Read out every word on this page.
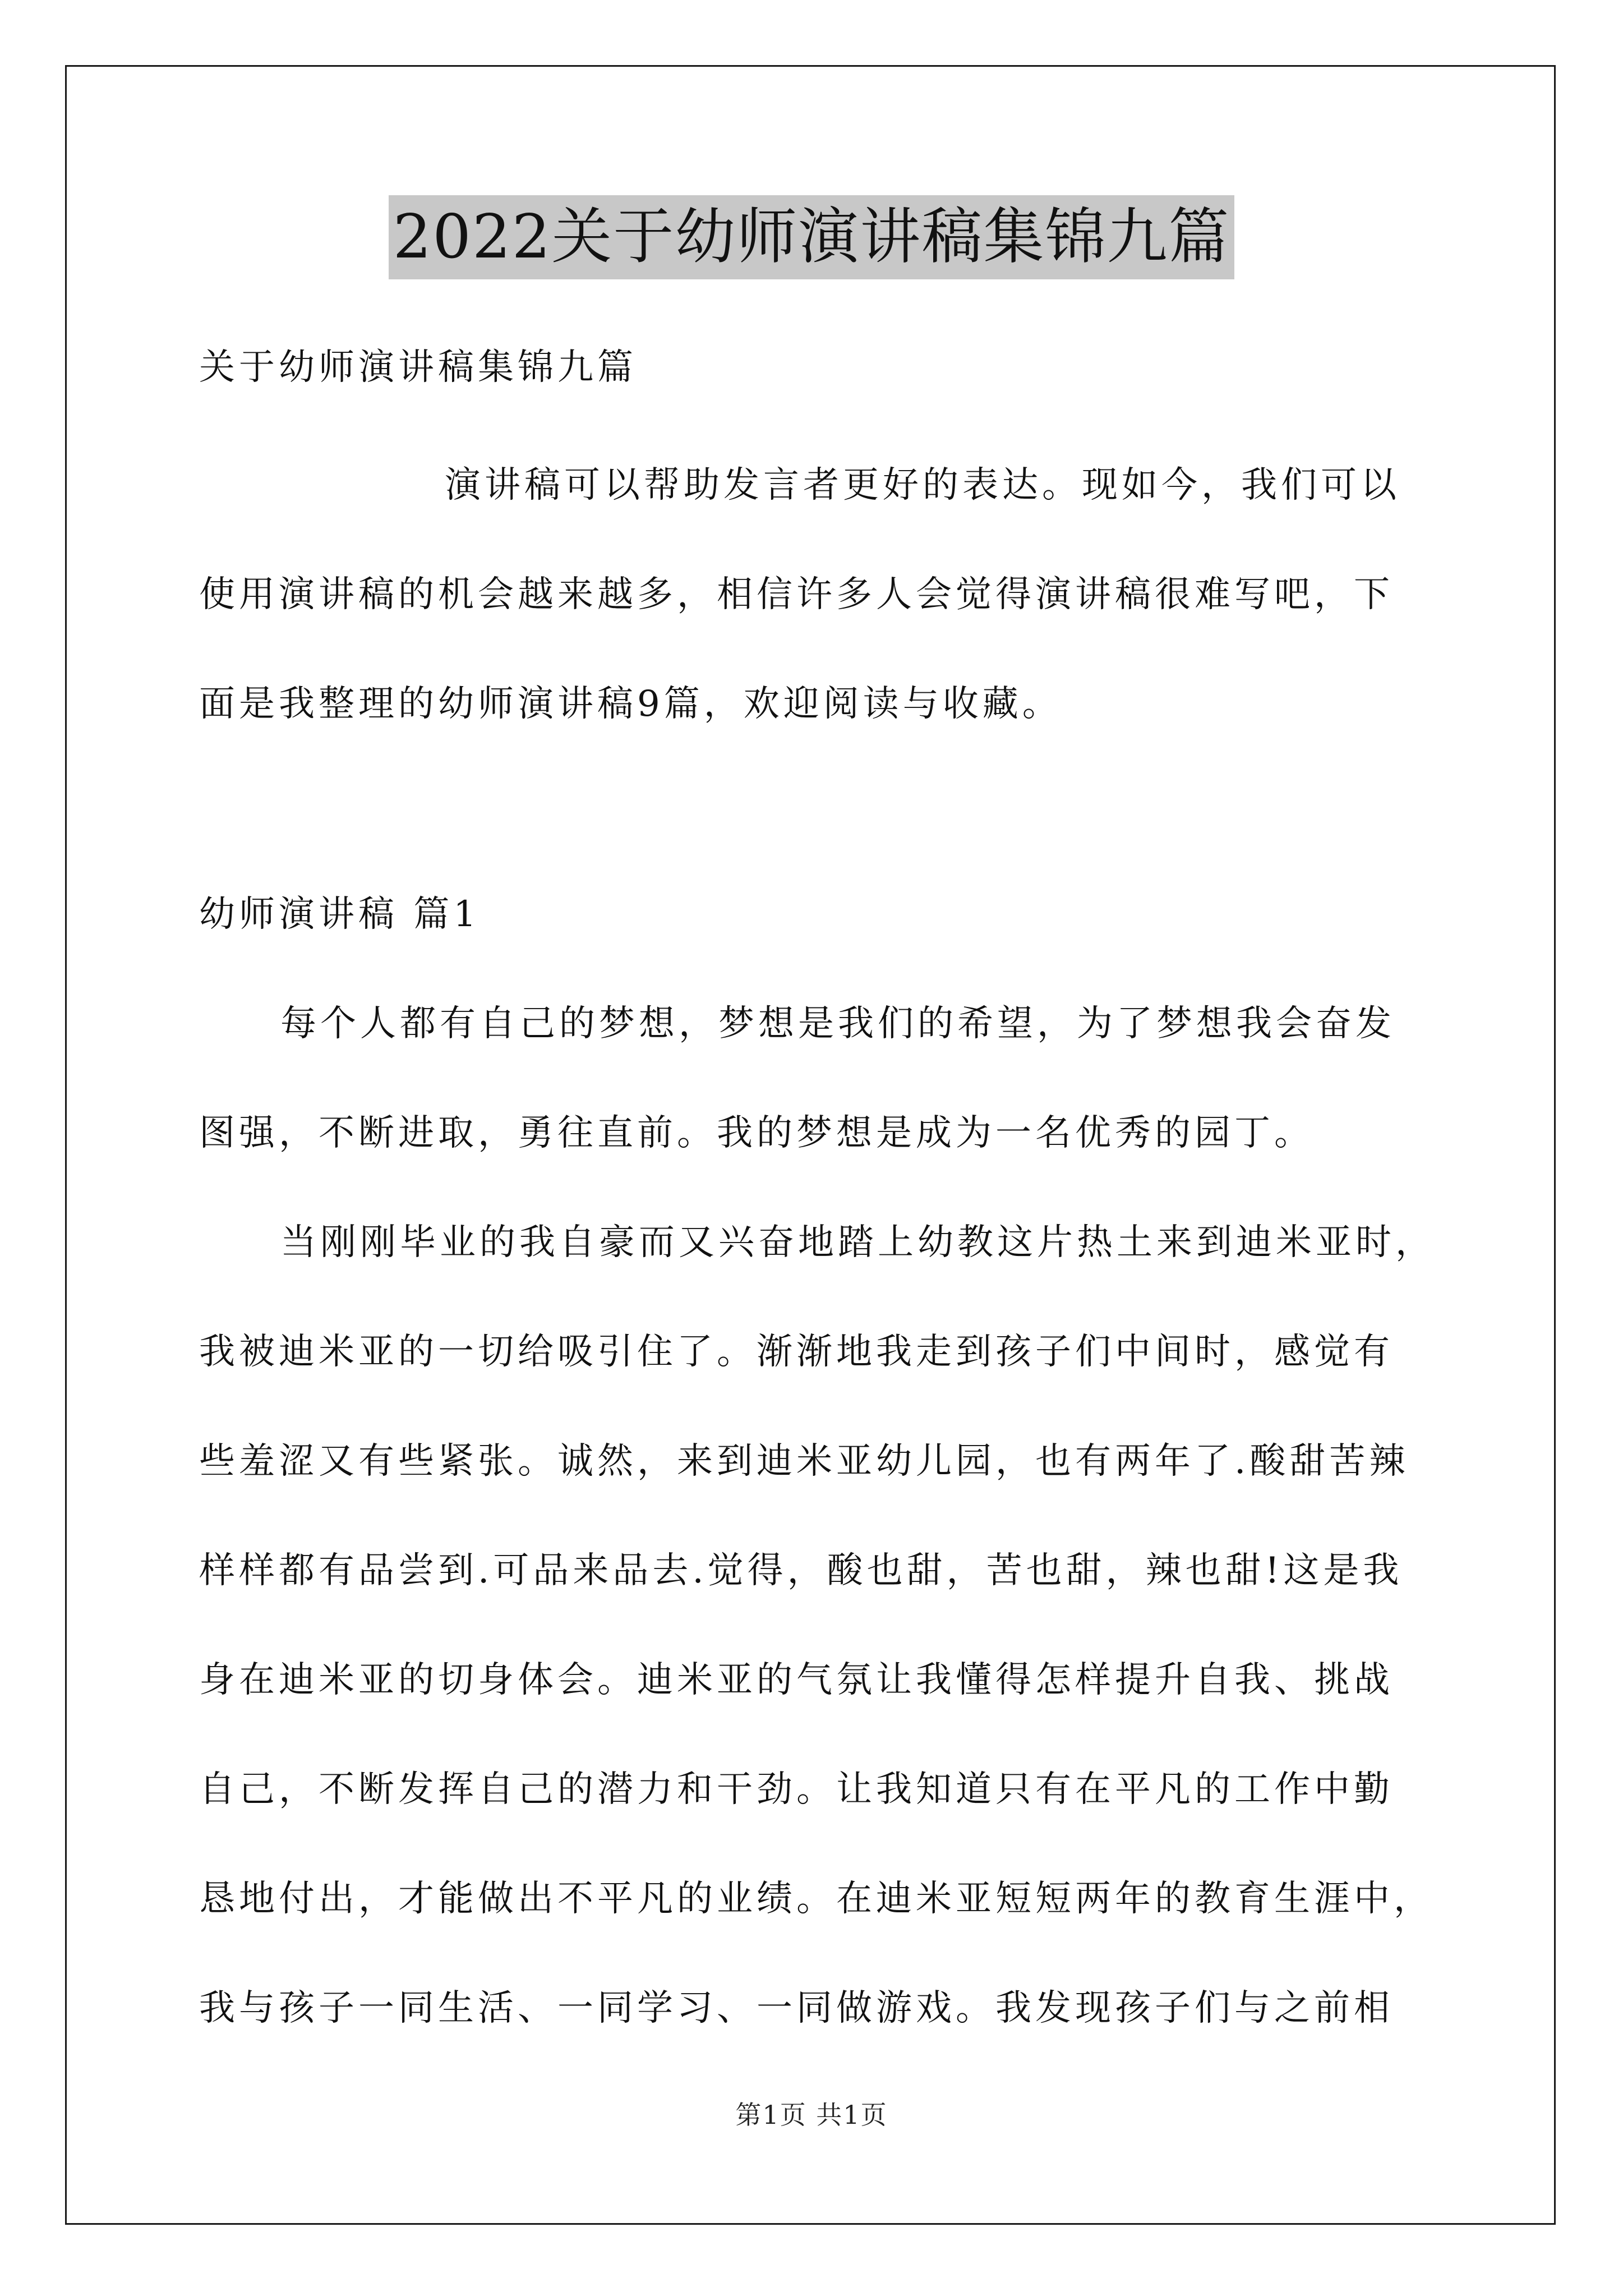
2022关于幼师演讲稿集锦九篇
关于幼师演讲稿集锦九篇
演讲稿可以帮助发言者更好的表达。现如今，我们可以
使用演讲稿的机会越来越多，相信许多人会觉得演讲稿很难写吧，下
面是我整理的幼师演讲稿9篇，欢迎阅读与收藏。
幼师演讲稿 篇1
每个人都有自己的梦想，梦想是我们的希望，为了梦想我会奋发
图强，不断进取，勇往直前。我的梦想是成为一名优秀的园丁。
当刚刚毕业的我自豪而又兴奋地踏上幼教这片热土来到迪米亚时，
我被迪米亚的一切给吸引住了。渐渐地我走到孩子们中间时，感觉有
些羞涩又有些紧张。诚然，来到迪米亚幼儿园，也有两年了.酸甜苦辣
样样都有品尝到.可品来品去.觉得，酸也甜，苦也甜，辣也甜!这是我
身在迪米亚的切身体会。迪米亚的气氛让我懂得怎样提升自我、挑战
自己，不断发挥自己的潜力和干劲。让我知道只有在平凡的工作中勤
恳地付出，才能做出不平凡的业绩。在迪米亚短短两年的教育生涯中，
我与孩子一同生活、一同学习、一同做游戏。我发现孩子们与之前相
第1页 共1页
